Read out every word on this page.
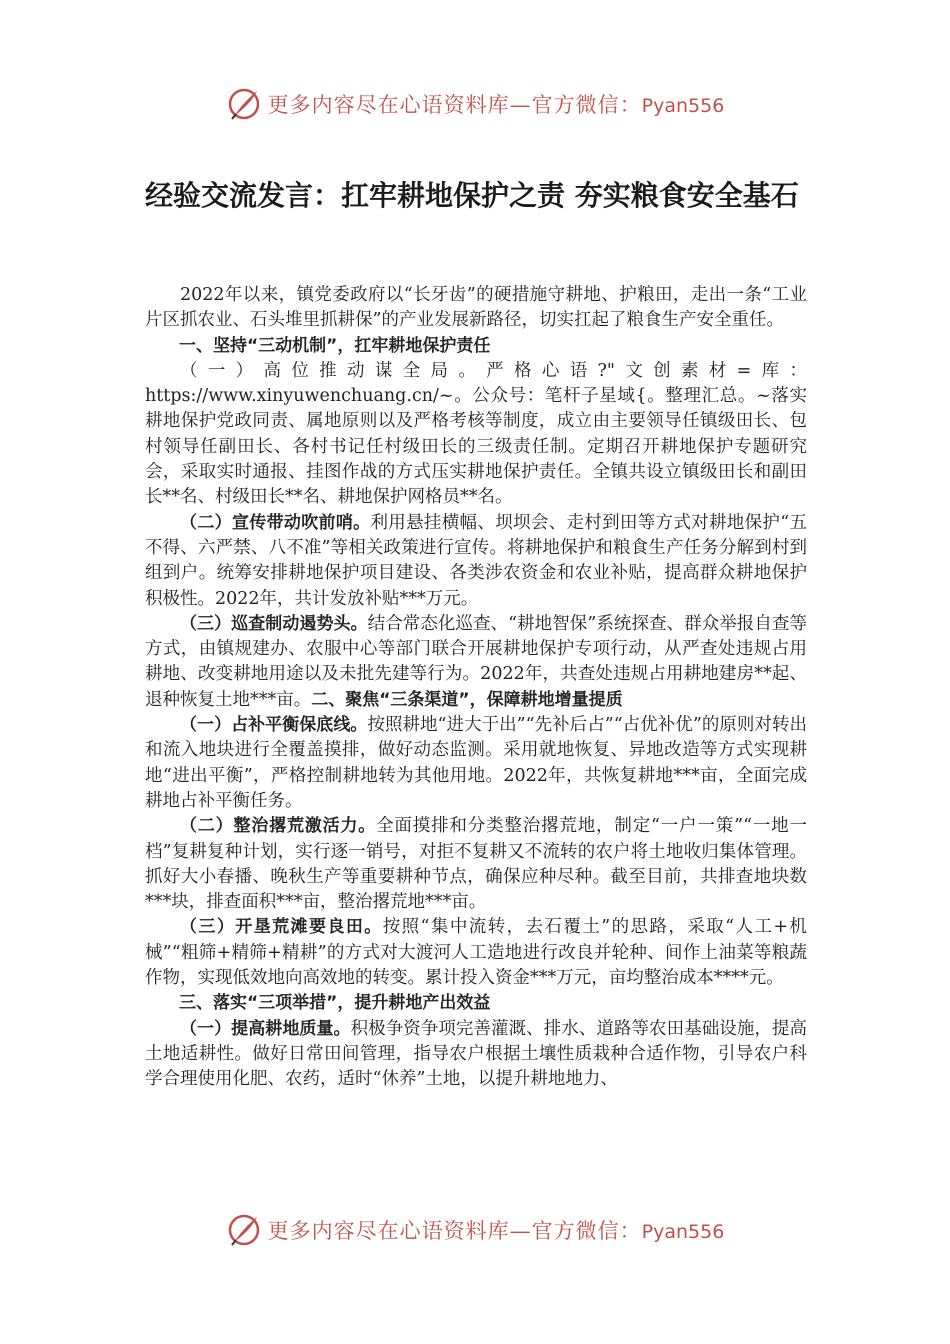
更多内容尽在心语资料库—官方微信：Pyan556
经验交流发言：扛牢耕地保护之责 夯实粮食安全基石

2022年以来，镇党委政府以“长牙齿”的硬措施守耕地、护粮田，走出一条“工业片区抓农业、石头堆里抓耕保”的产业发展新路径，切实扛起了粮食生产安全重任。

一、坚持“三动机制”，扛牢耕地保护责任

（一）高位推动谋全局。严格心语?"文创素材=库：https://www.xinyuwenchuang.cn/~。公众号：笔杆子星域{。整理汇总。~落实耕地保护党政同责、属地原则以及严格考核等制度，成立由主要领导任镇级田长、包村领导任副田长、各村书记任村级田长的三级责任制。定期召开耕地保护专题研究会，采取实时通报、挂图作战的方式压实耕地保护责任。全镇共设立镇级田长和副田长**名、村级田长**名、耕地保护网格员**名。

（二）宣传带动吹前哨。利用悬挂横幅、坝坝会、走村到田等方式对耕地保护“五不得、六严禁、八不准”等相关政策进行宣传。将耕地保护和粮食生产任务分解到村到组到户。统筹安排耕地保护项目建设、各类涉农资金和农业补贴，提高群众耕地保护积极性。2022年，共计发放补贴***万元。

（三）巡查制动遏势头。结合常态化巡查、“耕地智保”系统探查、群众举报自查等方式，由镇规建办、农服中心等部门联合开展耕地保护专项行动，从严查处违规占用耕地、改变耕地用途以及未批先建等行为。2022年，共查处违规占用耕地建房**起、退种恢复土地***亩。二、聚焦“三条渠道”，保障耕地增量提质

（一）占补平衡保底线。按照耕地“进大于出”“先补后占”“占优补优”的原则对转出和流入地块进行全覆盖摸排，做好动态监测。采用就地恢复、异地改造等方式实现耕地“进出平衡”，严格控制耕地转为其他用地。2022年，共恢复耕地***亩，全面完成耕地占补平衡任务。

（二）整治撂荒激活力。全面摸排和分类整治撂荒地，制定“一户一策”“一地一档”复耕复种计划，实行逐一销号，对拒不复耕又不流转的农户将土地收归集体管理。抓好大小春播、晚秋生产等重要耕种节点，确保应种尽种。截至目前，共排查地块数***块，排查面积***亩，整治撂荒地***亩。

（三）开垦荒滩要良田。按照“集中流转，去石覆土”的思路，采取“人工+机械”“粗筛+精筛+精耕”的方式对大渡河人工造地进行改良并轮种、间作上油菜等粮蔬作物，实现低效地向高效地的转变。累计投入资金***万元，亩均整治成本****元。

三、落实“三项举措”，提升耕地产出效益

（一）提高耕地质量。积极争资争项完善灌溉、排水、道路等农田基础设施，提高土地适耕性。做好日常田间管理，指导农户根据土壤性质栽种合适作物，引导农户科学合理使用化肥、农药，适时“休养”土地，以提升耕地地力、

更多内容尽在心语资料库—官方微信：Pyan556
